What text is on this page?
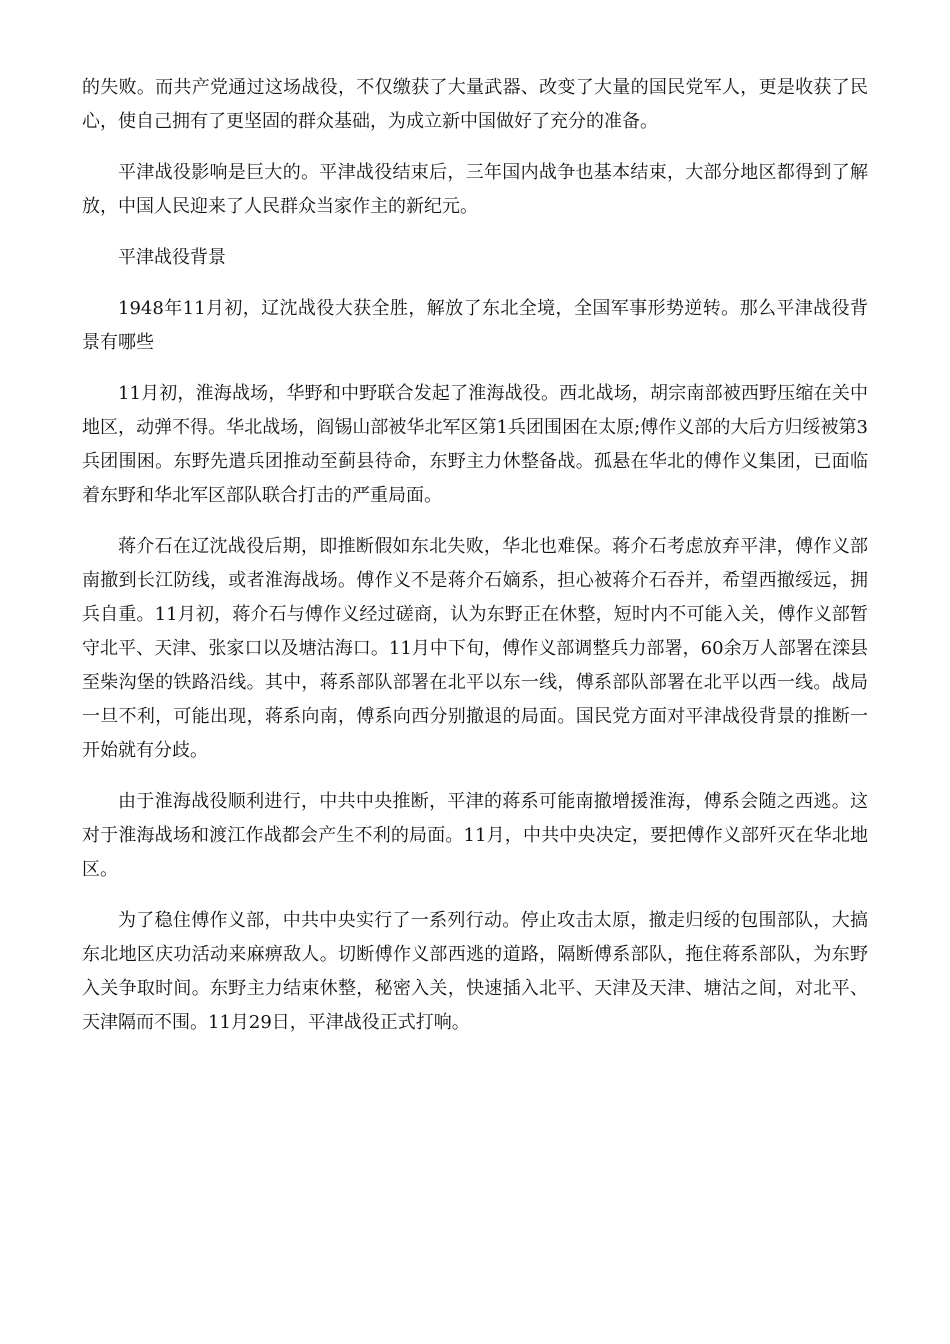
的失败。而共产党通过这场战役，不仅缴获了大量武器、改变了大量的国民党军人，更是收获了民心，使自己拥有了更坚固的群众基础，为成立新中国做好了充分的准备。

平津战役影响是巨大的。平津战役结束后，三年国内战争也基本结束，大部分地区都得到了解放，中国人民迎来了人民群众当家作主的新纪元。

平津战役背景

1948年11月初，辽沈战役大获全胜，解放了东北全境，全国军事形势逆转。那么平津战役背景有哪些

11月初，淮海战场，华野和中野联合发起了淮海战役。西北战场，胡宗南部被西野压缩在关中地区，动弹不得。华北战场，阎锡山部被华北军区第1兵团围困在太原;傅作义部的大后方归绥被第3兵团围困。东野先遣兵团推动至蓟县待命，东野主力休整备战。孤悬在华北的傅作义集团，已面临着东野和华北军区部队联合打击的严重局面。

蒋介石在辽沈战役后期，即推断假如东北失败，华北也难保。蒋介石考虑放弃平津，傅作义部南撤到长江防线，或者淮海战场。傅作义不是蒋介石嫡系，担心被蒋介石吞并，希望西撤绥远，拥兵自重。11月初，蒋介石与傅作义经过磋商，认为东野正在休整，短时内不可能入关，傅作义部暂守北平、天津、张家口以及塘沽海口。11月中下旬，傅作义部调整兵力部署，60余万人部署在滦县至柴沟堡的铁路沿线。其中，蒋系部队部署在北平以东一线，傅系部队部署在北平以西一线。战局一旦不利，可能出现，蒋系向南，傅系向西分别撤退的局面。国民党方面对平津战役背景的推断一开始就有分歧。

由于淮海战役顺利进行，中共中央推断，平津的蒋系可能南撤增援淮海，傅系会随之西逃。这对于淮海战场和渡江作战都会产生不利的局面。11月，中共中央决定，要把傅作义部歼灭在华北地区。

为了稳住傅作义部，中共中央实行了一系列行动。停止攻击太原，撤走归绥的包围部队，大搞东北地区庆功活动来麻痹敌人。切断傅作义部西逃的道路，隔断傅系部队，拖住蒋系部队，为东野入关争取时间。东野主力结束休整，秘密入关，快速插入北平、天津及天津、塘沽之间，对北平、天津隔而不围。11月29日，平津战役正式打响。
